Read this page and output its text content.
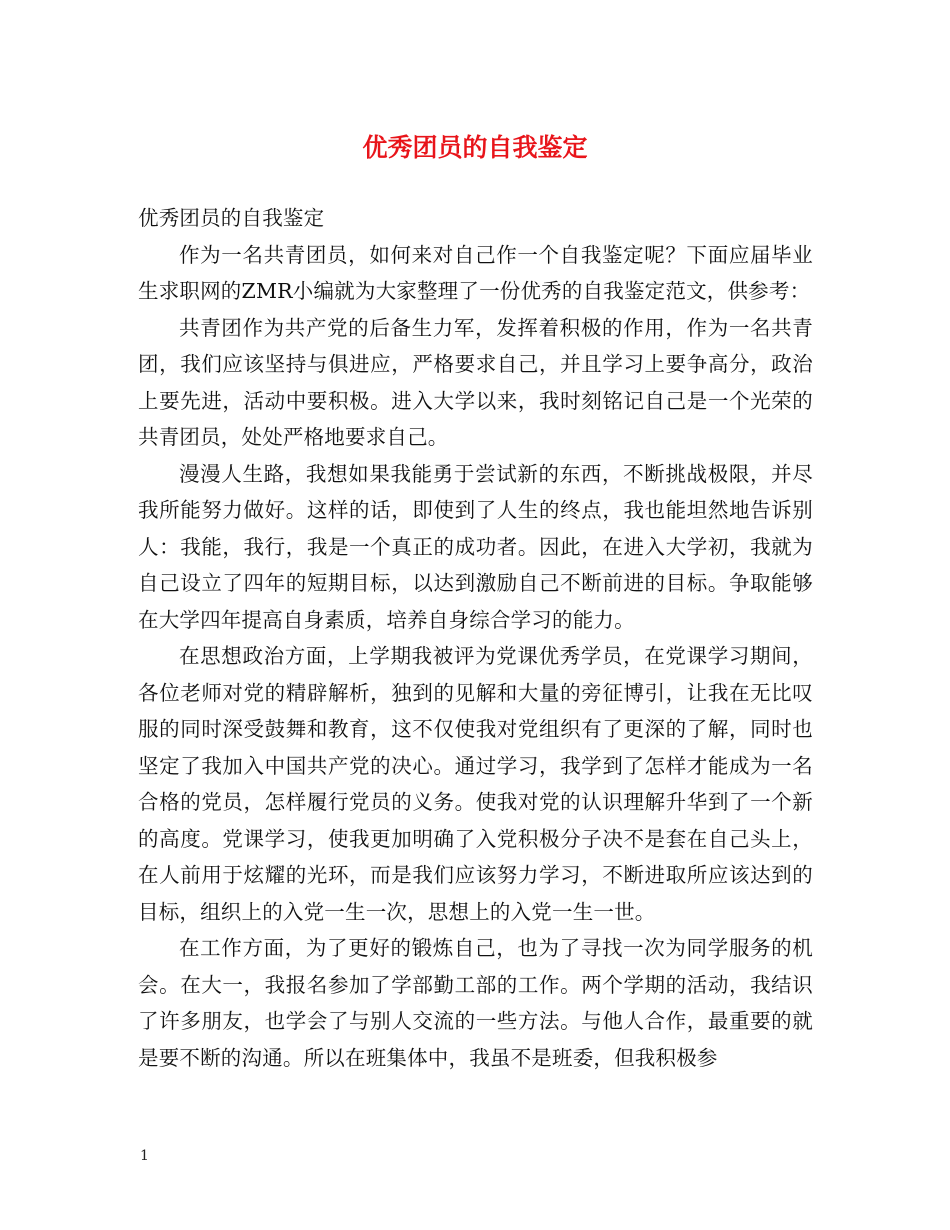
优秀团员的自我鉴定

优秀团员的自我鉴定

作为一名共青团员，如何来对自己作一个自我鉴定呢？下面应届毕业生求职网的ZMR小编就为大家整理了一份优秀的自我鉴定范文，供参考：

共青团作为共产党的后备生力军，发挥着积极的作用，作为一名共青团，我们应该坚持与俱进应，严格要求自己，并且学习上要争高分，政治上要先进，活动中要积极。进入大学以来，我时刻铭记自己是一个光荣的共青团员，处处严格地要求自己。

漫漫人生路，我想如果我能勇于尝试新的东西，不断挑战极限，并尽我所能努力做好。这样的话，即使到了人生的终点，我也能坦然地告诉别人：我能，我行，我是一个真正的成功者。因此，在进入大学初，我就为自己设立了四年的短期目标，以达到激励自己不断前进的目标。争取能够在大学四年提高自身素质，培养自身综合学习的能力。

在思想政治方面，上学期我被评为党课优秀学员，在党课学习期间，各位老师对党的精辟解析，独到的见解和大量的旁征博引，让我在无比叹服的同时深受鼓舞和教育，这不仅使我对党组织有了更深的了解，同时也坚定了我加入中国共产党的决心。通过学习，我学到了怎样才能成为一名合格的党员，怎样履行党员的义务。使我对党的认识理解升华到了一个新的高度。党课学习，使我更加明确了入党积极分子决不是套在自己头上，在人前用于炫耀的光环，而是我们应该努力学习，不断进取所应该达到的目标，组织上的入党一生一次，思想上的入党一生一世。

在工作方面，为了更好的锻炼自己，也为了寻找一次为同学服务的机会。在大一，我报名参加了学部勤工部的工作。两个学期的活动，我结识了许多朋友，也学会了与别人交流的一些方法。与他人合作，最重要的就是要不断的沟通。所以在班集体中，我虽不是班委，但我积极参

1
